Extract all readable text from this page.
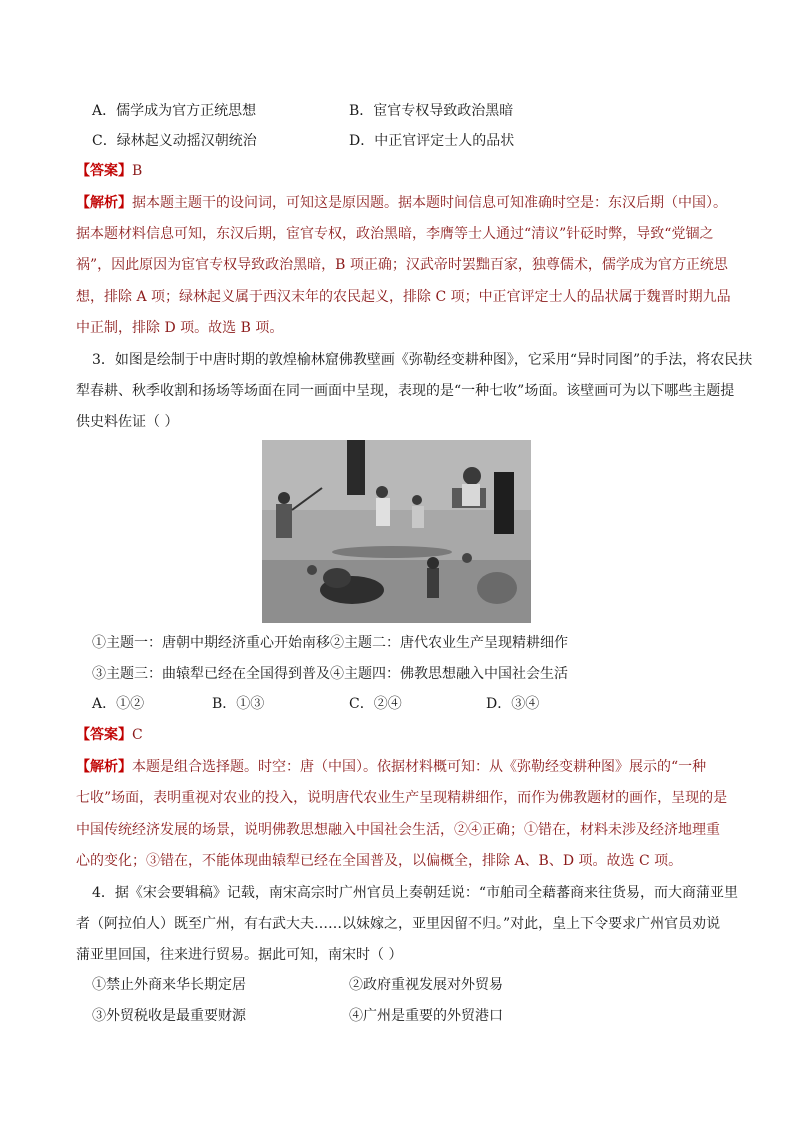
A．儒学成为官方正统思想	B．宦官专权导致政治黑暗
C．绿林起义动摇汉朝统治	D．中正官评定士人的品状
【答案】B
【解析】据本题主题干的设问词，可知这是原因题。据本题时间信息可知准确时空是：东汉后期（中国）。
据本题材料信息可知，东汉后期，宦官专权，政治黑暗，李膺等士人通过“清议”针砭时弊，导致“党锢之
祸”，因此原因为宦官专权导致政治黑暗，B 项正确；汉武帝时罢黜百家，独尊儒术，儒学成为官方正统思
想，排除 A 项；绿林起义属于西汉末年的农民起义，排除 C 项；中正官评定士人的品状属于魏晋时期九品
中正制，排除 D 项。故选 B 项。
3．如图是绘制于中唐时期的敦煌榆林窟佛教壁画《弥勒经变耕种图》，它采用“异时同图”的手法，将农民扶
犁春耕、秋季收割和扬场等场面在同一画面中呈现，表现的是“一种七收”场面。该壁画可为以下哪些主题提
供史料佐证（ ）
①主题一：唐朝中期经济重心开始南移②主题二：唐代农业生产呈现精耕细作
③主题三：曲辕犁已经在全国得到普及④主题四：佛教思想融入中国社会生活
A．①②	B．①③	C．②④	D．③④
【答案】C
【解析】本题是组合选择题。时空：唐（中国）。依据材料概可知：从《弥勒经变耕种图》展示的“一种
七收”场面，表明重视对农业的投入，说明唐代农业生产呈现精耕细作，而作为佛教题材的画作，呈现的是
中国传统经济发展的场景，说明佛教思想融入中国社会生活，②④正确；①错在，材料未涉及经济地理重
心的变化；③错在，不能体现曲辕犁已经在全国普及，以偏概全，排除 A、B、D 项。故选 C 项。
4．据《宋会要辑稿》记载，南宋高宗时广州官员上奏朝廷说：“市舶司全藉蕃商来往货易，而大商蒲亚里
者（阿拉伯人）既至广州，有右武大夫……以妹嫁之，亚里因留不归。”对此，皇上下令要求广州官员劝说
蒲亚里回国，往来进行贸易。据此可知，南宋时（ ）
①禁止外商来华长期定居	②政府重视发展对外贸易
③外贸税收是最重要财源	④广州是重要的外贸港口
